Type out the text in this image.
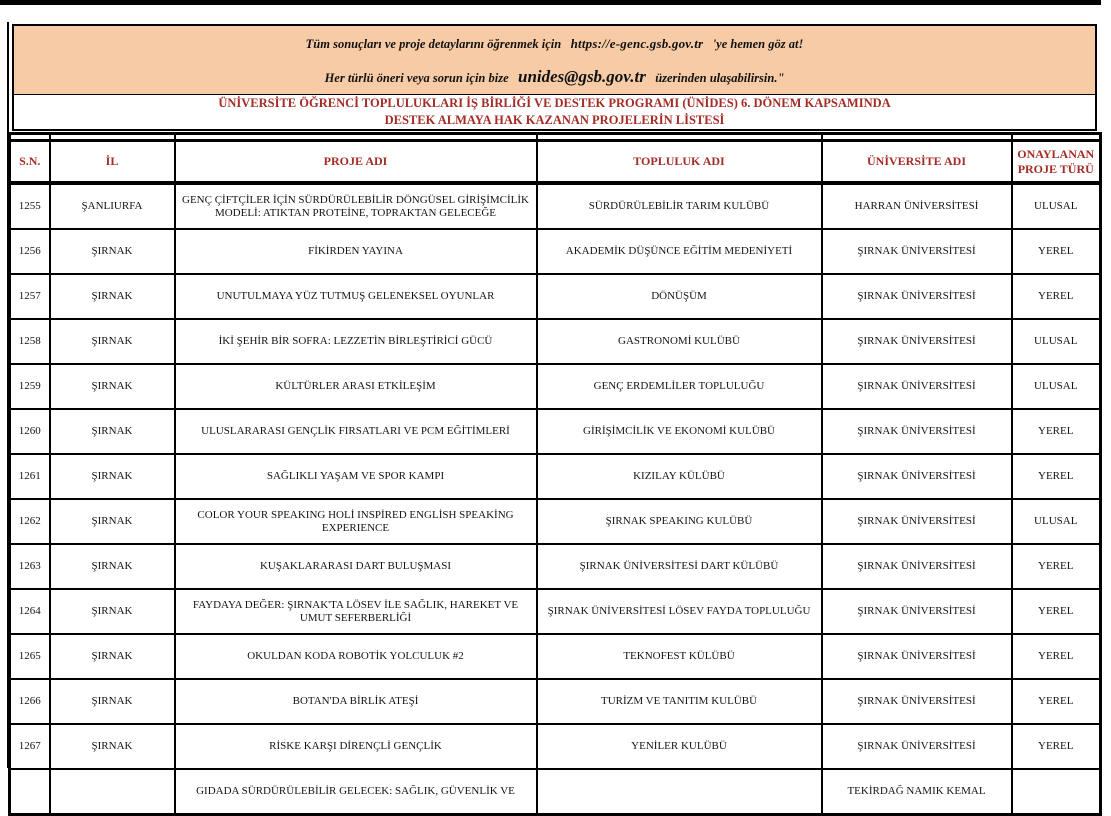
Tüm sonuçları ve proje detaylarını öğrenmek için https://e-genc.gsb.gov.tr 'ye hemen göz at!
Her türlü öneri veya sorun için bize unides@gsb.gov.tr üzerinden ulaşabilirsin."
ÜNİVERSİTE ÖĞRENCİ TOPLULUKLARI İŞ BİRLİĞİ VE DESTEK PROGRAMI (ÜNİDES) 6. DÖNEM KAPSAMINDA
DESTEK ALMAYA HAK KAZANAN PROJELERİN LİSTESİ

S.N.	İL	PROJE ADI	TOPLULUK ADI	ÜNİVERSİTE ADI	ONAYLANAN PROJE TÜRÜ
1255	ŞANLIURFA	GENÇ ÇİFTÇİLER İÇİN SÜRDÜRÜLEBİLİR DÖNGÜSEL GİRİŞİMCİLİK MODELİ: ATIKTAN PROTEİNE, TOPRAKTAN GELECEĞE	SÜRDÜRÜLEBİLİR TARIM KULÜBÜ	HARRAN ÜNİVERSİTESİ	ULUSAL
1256	ŞIRNAK	FİKİRDEN YAYINA	AKADEMİK DÜŞÜNCE EĞİTİM MEDENİYETİ	ŞIRNAK ÜNİVERSİTESİ	YEREL
1257	ŞIRNAK	UNUTULMAYA YÜZ TUTMUŞ GELENEKSEL OYUNLAR	DÖNÜŞÜM	ŞIRNAK ÜNİVERSİTESİ	YEREL
1258	ŞIRNAK	İKİ ŞEHİR BİR SOFRA: LEZZETİN BİRLEŞTİRİCİ GÜCÜ	GASTRONOMİ KULÜBÜ	ŞIRNAK ÜNİVERSİTESİ	ULUSAL
1259	ŞIRNAK	KÜLTÜRLER ARASI ETKİLEŞİM	GENÇ ERDEMLİLER TOPLULUĞU	ŞIRNAK ÜNİVERSİTESİ	ULUSAL
1260	ŞIRNAK	ULUSLARARASI GENÇLİK FIRSATLARI VE PCM EĞİTİMLERİ	GİRİŞİMCİLİK VE EKONOMİ KULÜBÜ	ŞIRNAK ÜNİVERSİTESİ	YEREL
1261	ŞIRNAK	SAĞLIKLI YAŞAM VE SPOR KAMPI	KIZILAY KÜLÜBÜ	ŞIRNAK ÜNİVERSİTESİ	YEREL
1262	ŞIRNAK	COLOR YOUR SPEAKING HOLİ INSPİRED ENGLİSH SPEAKİNG EXPERIENCE	ŞIRNAK SPEAKING KULÜBÜ	ŞIRNAK ÜNİVERSİTESİ	ULUSAL
1263	ŞIRNAK	KUŞAKLARARASI DART BULUŞMASI	ŞIRNAK ÜNİVERSİTESİ DART KÜLÜBÜ	ŞIRNAK ÜNİVERSİTESİ	YEREL
1264	ŞIRNAK	FAYDAYA DEĞER: ŞIRNAK'TA LÖSEV İLE SAĞLIK, HAREKET VE UMUT SEFERBERLİĞİ	ŞIRNAK ÜNİVERSİTESİ LÖSEV FAYDA TOPLULUĞU	ŞIRNAK ÜNİVERSİTESİ	YEREL
1265	ŞIRNAK	OKULDAN KODA ROBOTİK YOLCULUK #2	TEKNOFEST KÜLÜBÜ	ŞIRNAK ÜNİVERSİTESİ	YEREL
1266	ŞIRNAK	BOTAN'DA BİRLİK ATEŞİ	TURİZM VE TANITIM KULÜBÜ	ŞIRNAK ÜNİVERSİTESİ	YEREL
1267	ŞIRNAK	RİSKE KARŞI DİRENÇLİ GENÇLİK	YENİLER KULÜBÜ	ŞIRNAK ÜNİVERSİTESİ	YEREL
		GIDADA SÜRDÜRÜLEBİLİR GELECEK: SAĞLIK, GÜVENLİK VE		TEKİRDAĞ NAMIK KEMAL	
